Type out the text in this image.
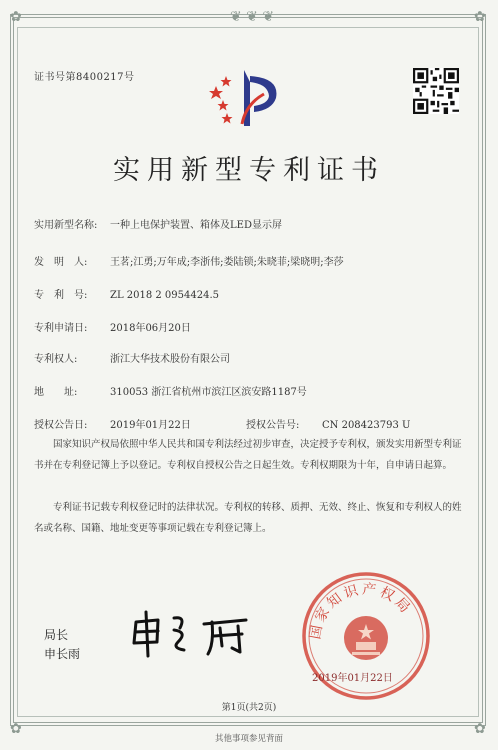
❦ ❦ ❦
✿	✿
✿	✿
证书号第8400217号
实用新型专利证书
实用新型名称: 一种上电保护装置、箱体及LED显示屏
发　明　人: 王茗;江勇;万年成;李浙伟;娄陆锁;朱晓菲;梁晓明;李莎
专　利　号: ZL 2018 2 0954424.5
专利申请日: 2018年06月20日
专利权人:	浙江大华技术股份有限公司
地　　址:	310053 浙江省杭州市滨江区滨安路1187号
授权公告日: 2019年01月22日	授权公告号: CN 208423793 U
国家知识产权局依照中华人民共和国专利法经过初步审查，决定授予专利权，颁发实用新型专利证书并在专利登记簿上予以登记。专利权自授权公告之日起生效。专利权期限为十年，自申请日起算。
专利证书记载专利权登记时的法律状况。专利权的转移、质押、无效、终止、恢复和专利权人的姓名或名称、国籍、地址变更等事项记载在专利登记簿上。
局长
申长雨
国家知识产权局
2019年01月22日
第1页(共2页)
其他事项参见背面
